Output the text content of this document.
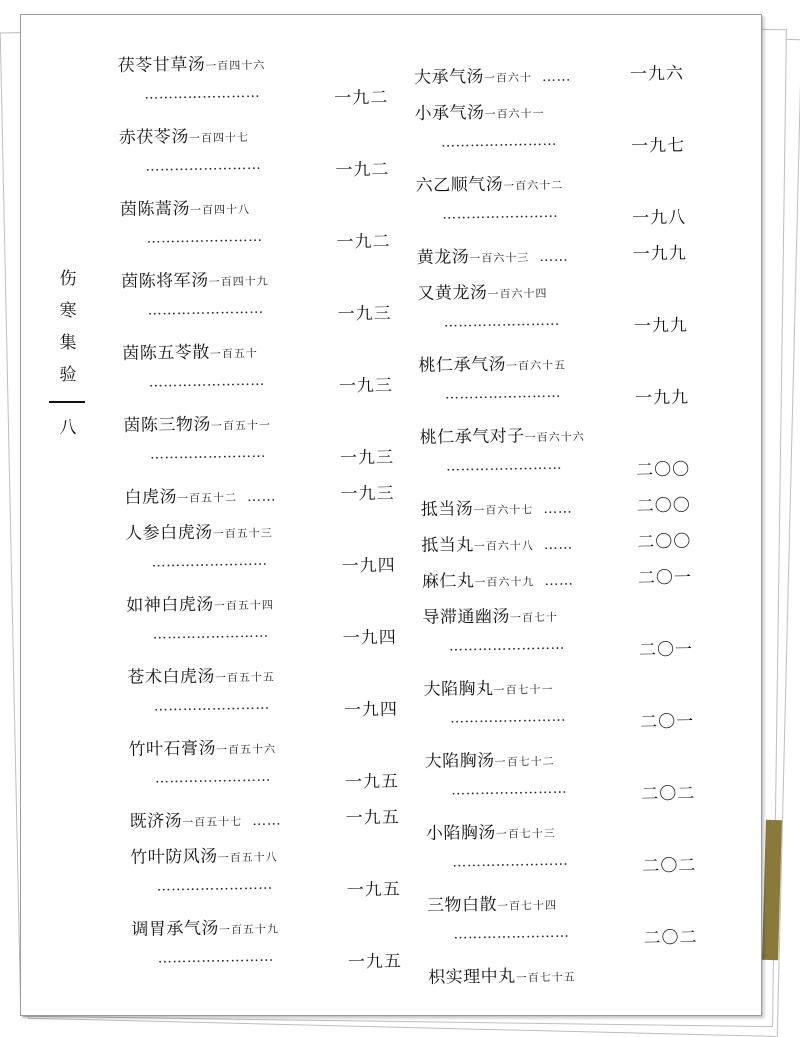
伤
寒
集
验
八
茯苓甘草汤一百四十六
……………………	一九二
赤茯苓汤一百四十七
……………………	一九二
茵陈蒿汤一百四十八
……………………	一九二
茵陈将军汤一百四十九
……………………	一九三
茵陈五苓散一百五十
……………………	一九三
茵陈三物汤一百五十一
……………………	一九三
白虎汤一百五十二 ……	一九三
人参白虎汤一百五十三
……………………	一九四
如神白虎汤一百五十四
……………………	一九四
苍术白虎汤一百五十五
……………………	一九四
竹叶石膏汤一百五十六
……………………	一九五
既济汤一百五十七 ……	一九五
竹叶防风汤一百五十八
……………………	一九五
调胃承气汤一百五十九
……………………	一九五
大承气汤一百六十 ……	一九六
小承气汤一百六十一
……………………	一九七
六乙顺气汤一百六十二
……………………	一九八
黄龙汤一百六十三 ……	一九九
又黄龙汤一百六十四
……………………	一九九
桃仁承气汤一百六十五
……………………	一九九
桃仁承气对子一百六十六
……………………	二〇〇
抵当汤一百六十七 ……	二〇〇
抵当丸一百六十八 ……	二〇〇
麻仁丸一百六十九 ……	二〇一
导滞通幽汤一百七十
……………………	二〇一
大陷胸丸一百七十一
……………………	二〇一
大陷胸汤一百七十二
……………………	二〇二
小陷胸汤一百七十三
……………………	二〇二
三物白散一百七十四
……………………	二〇二
枳实理中丸一百七十五
